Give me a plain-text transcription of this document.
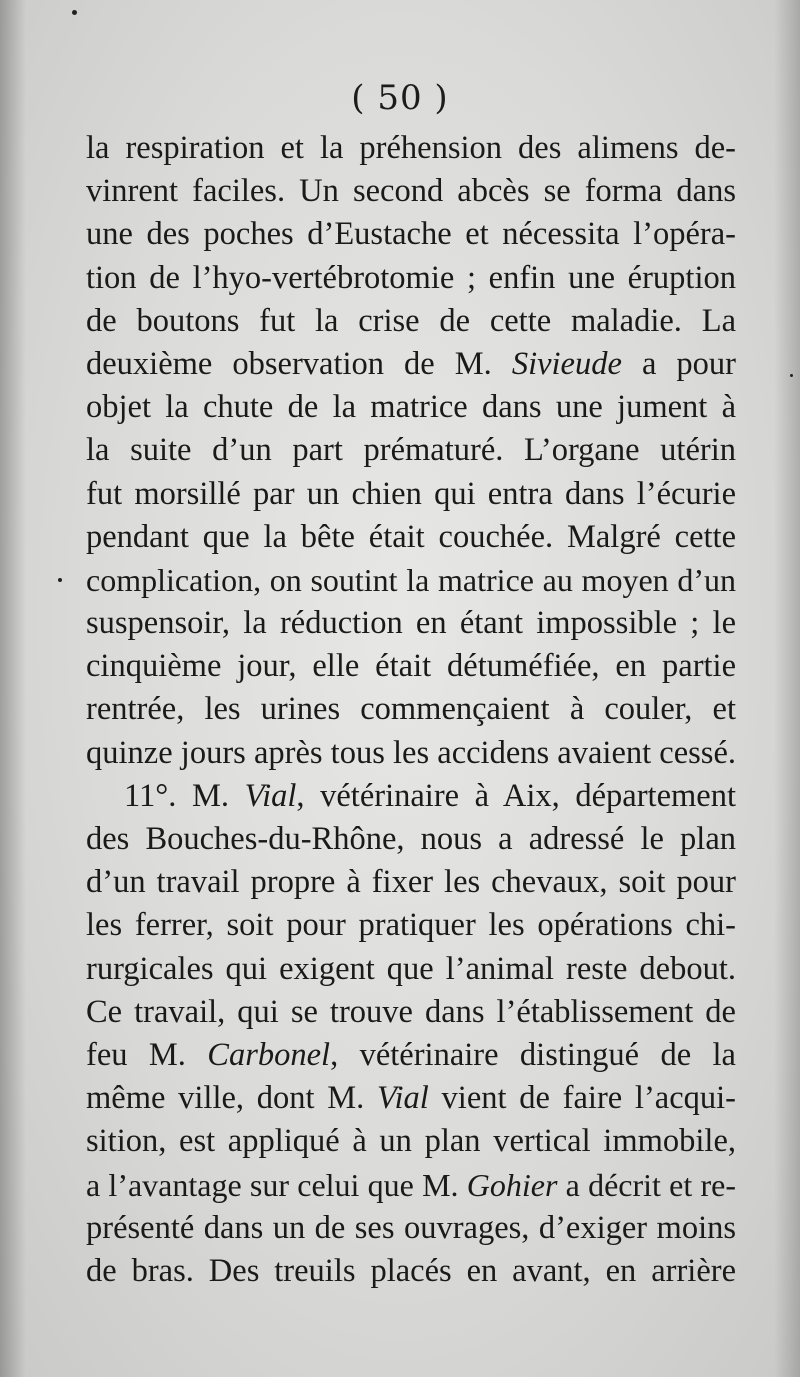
( 50 )
la respiration et la préhension des alimens de-
vinrent faciles. Un second abcès se forma dans
une des poches d’Eustache et nécessita l’opéra-
tion de l’hyo-vertébrotomie ; enfin une éruption
de boutons fut la crise de cette maladie. La
deuxième observation de M. Sivieude a pour
objet la chute de la matrice dans une jument à
la suite d’un part prématuré. L’organe utérin
fut morsillé par un chien qui entra dans l’écurie
pendant que la bête était couchée. Malgré cette
complication, on soutint la matrice au moyen d’un
suspensoir, la réduction en étant impossible ; le
cinquième jour, elle était détuméfiée, en partie
rentrée, les urines commençaient à couler, et
quinze jours après tous les accidens avaient cessé.
11°. M. Vial, vétérinaire à Aix, département
des Bouches-du-Rhône, nous a adressé le plan
d’un travail propre à fixer les chevaux, soit pour
les ferrer, soit pour pratiquer les opérations chi-
rurgicales qui exigent que l’animal reste debout.
Ce travail, qui se trouve dans l’établissement de
feu M. Carbonel, vétérinaire distingué de la
même ville, dont M. Vial vient de faire l’acqui-
sition, est appliqué à un plan vertical immobile,
a l’avantage sur celui que M. Gohier a décrit et re-
présenté dans un de ses ouvrages, d’exiger moins
de bras. Des treuils placés en avant, en arrière
